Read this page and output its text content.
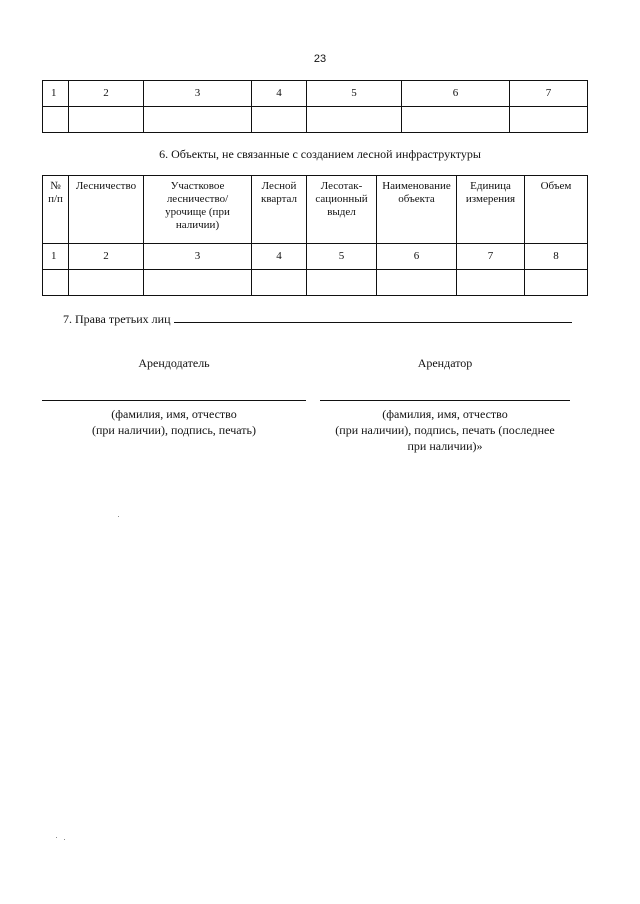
23
1	2	3	4	5	6	7

6. Объекты, не связанные с созданием лесной инфраструктуры
№ п/п	Лесничество	Участковое лесничество/ урочище (при наличии)	Лесной квартал	Лесотак-сационный выдел	Наименование объекта	Единица измерения	Объем
1	2	3	4	5	6	7	8

7. Права третьих лиц
Арендодатель	Арендатор
(фамилия, имя, отчество
(при наличии), подпись, печать)
(фамилия, имя, отчество
(при наличии), подпись, печать (последнее
при наличии)»
